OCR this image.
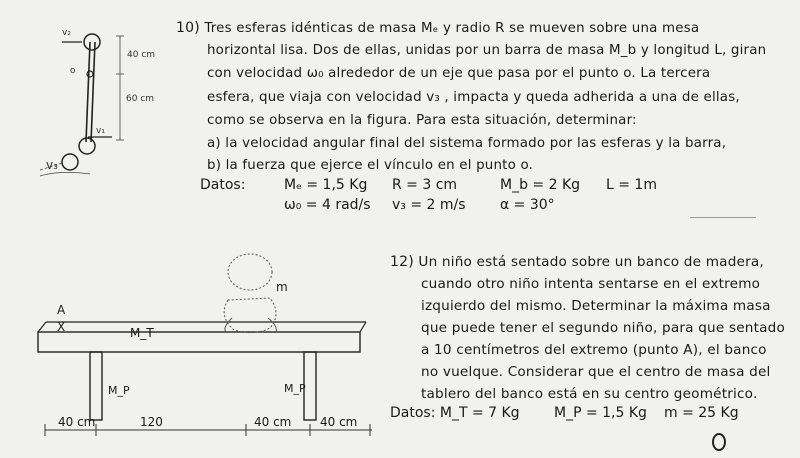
v₂
o
40 cm
60 cm
v₁
v₃
10) Tres esferas idénticas de masa Mₑ y radio R se mueven sobre una mesa
horizontal lisa. Dos de ellas, unidas por un barra de masa M_b y longitud L, giran
con velocidad ω₀ alrededor de un eje que pasa por el punto o. La tercera
esfera, que viaja con velocidad v₃ , impacta y queda adherida a una de ellas,
como se observa en la figura. Para esta situación, determinar:
a) la velocidad angular final del sistema formado por las esferas y la barra,
b) la fuerza que ejerce el vínculo en el punto o.
Datos:	Mₑ = 1,5 Kg R = 3 cm	M_b = 2 Kg L = 1m
ω₀ = 4 rad/s v₃ = 2 m/s α = 30°
A
X	M_T
m
M_P	M_P
40 cm	120	40 cm 40 cm
12) Un niño está sentado sobre un banco de madera,
cuando otro niño intenta sentarse en el extremo
izquierdo del mismo. Determinar la máxima masa
que puede tener el segundo niño, para que sentado
a 10 centímetros del extremo (punto A), el banco
no vuelque. Considerar que el centro de masa del
tablero del banco está en su centro geométrico.
Datos: M_T = 7 Kg M_P = 1,5 Kg m = 25 Kg
